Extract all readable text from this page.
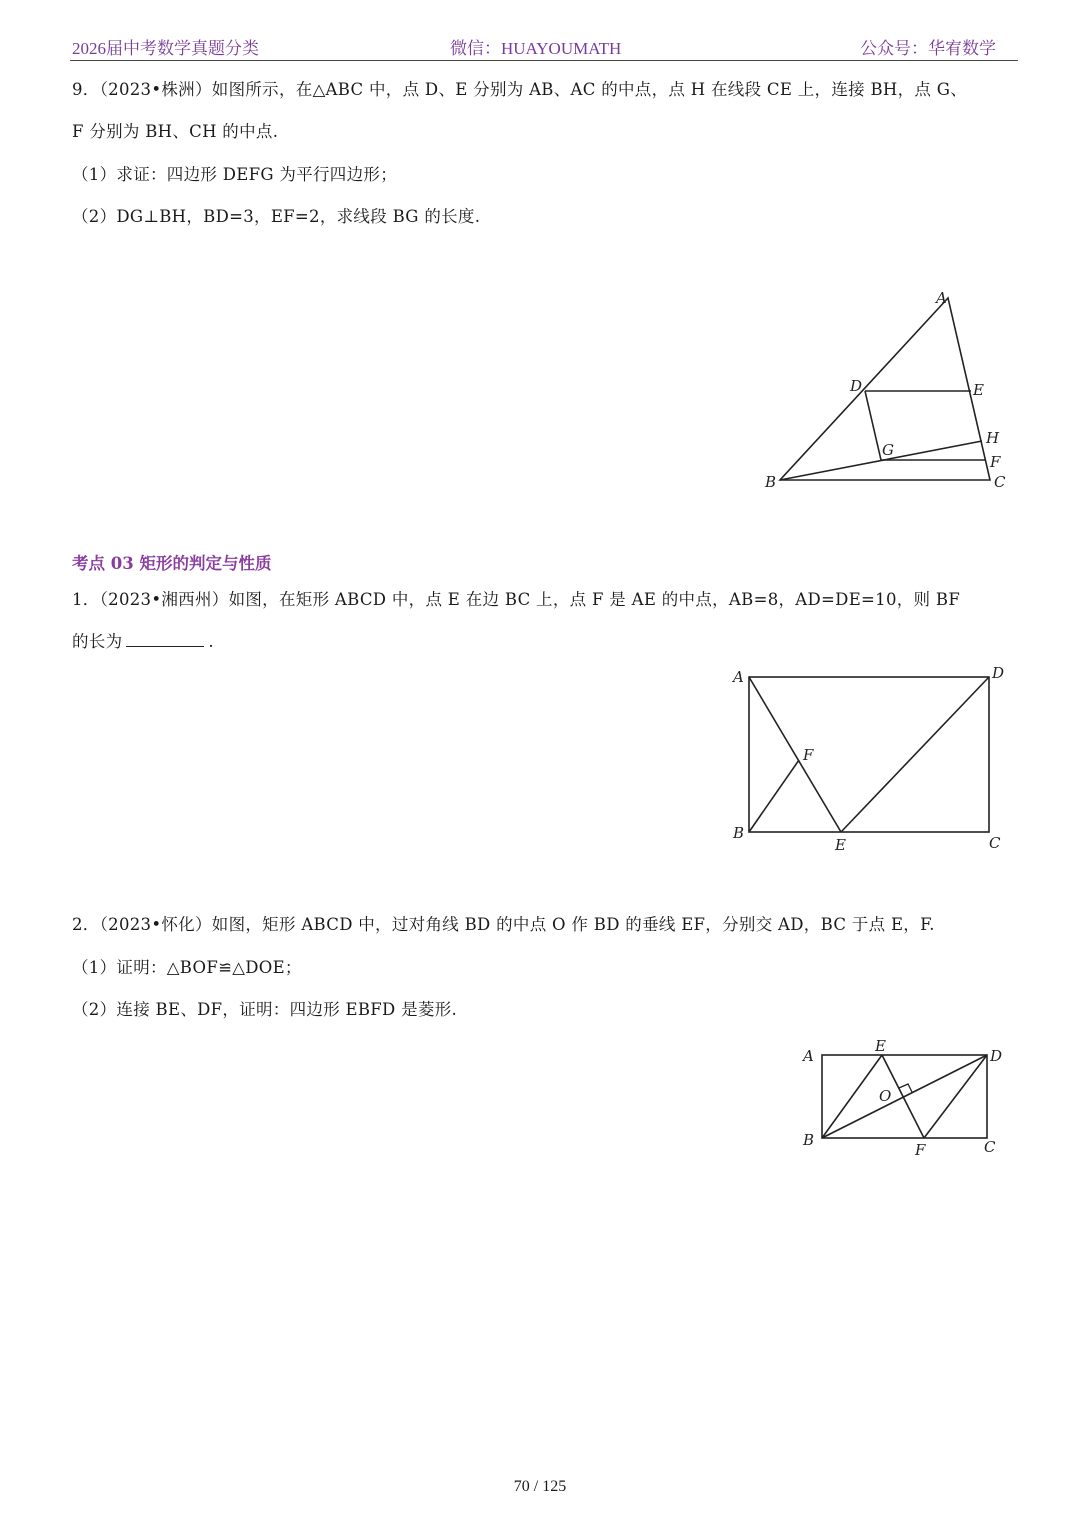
2026届中考数学真题分类	微信：HUAYOUMATH	公众号：华宥数学
9．（2023•株洲）如图所示，在△ABC 中，点 D、E 分别为 AB、AC 的中点，点 H 在线段 CE 上，连接 BH，点 G、
F 分别为 BH、CH 的中点.
（1）求证：四边形 DEFG 为平行四边形；
（2）DG⊥BH，BD=3，EF=2，求线段 BG 的长度.
A
B	C
D	E
F
G
H
考点 03 矩形的判定与性质
1．（2023•湘西州）如图，在矩形 ABCD 中，点 E 在边 BC 上，点 F 是 AE 的中点，AB=8，AD=DE=10，则 BF
的长为	.
A
B
C
D
E
F
2．（2023•怀化）如图，矩形 ABCD 中，过对角线 BD 的中点 O 作 BD 的垂线 EF，分别交 AD，BC 于点 E，F.
（1）证明：△BOF≌△DOE；
（2）连接 BE、DF，证明：四边形 EBFD 是菱形.
A
B	C
D
E
F
O
70 / 125
